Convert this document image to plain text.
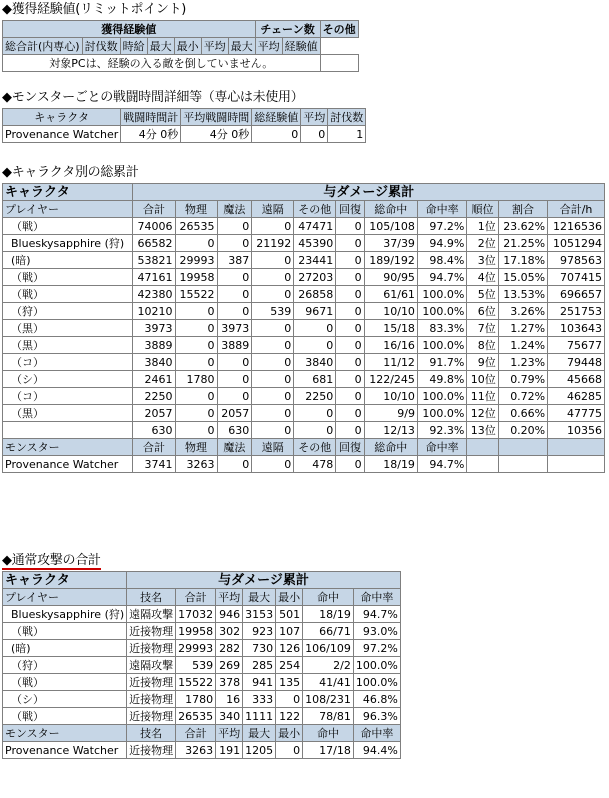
◆獲得経験値(リミットポイント)
獲得経験値							チェーン数		その他
総合計(内専心)	討伐数	時給	最大	最小	平均	最大	平均	経験値	
対象PCは、経験の入る敵を倒していません。									
◆モンスターごとの戦闘時間詳細等（専心は未使用）
キャラクタ	戦闘時間計	平均戦闘時間	総経験値	平均	討伐数
Provenance Watcher	4分 0秒	4分 0秒	0	0	1
◆キャラクタ別の総累計
キャラクタ	与ダメージ累計										
プレイヤー	合計	物理	魔法	遠隔	その他	回復	総命中	命中率	順位	割合	合計/h
（戦）	74006	26535	0	0	47471	0	105/108	97.2%	1位	23.62%	1216536
Blueskysapphire (狩)	66582	0	0	21192	45390	0	37/39	94.9%	2位	21.25%	1051294
(暗)	53821	29993	387	0	23441	0	189/192	98.4%	3位	17.18%	978563
（戦）	47161	19958	0	0	27203	0	90/95	94.7%	4位	15.05%	707415
（戦）	42380	15522	0	0	26858	0	61/61	100.0%	5位	13.53%	696657
（狩）	10210	0	0	539	9671	0	10/10	100.0%	6位	3.26%	251753
（黒）	3973	0	3973	0	0	0	15/18	83.3%	7位	1.27%	103643
（黒）	3889	0	3889	0	0	0	16/16	100.0%	8位	1.24%	75677
（コ）	3840	0	0	0	3840	0	11/12	91.7%	9位	1.23%	79448
（シ）	2461	1780	0	0	681	0	122/245	49.8%	10位	0.79%	45668
（コ）	2250	0	0	0	2250	0	10/10	100.0%	11位	0.72%	46285
（黒）	2057	0	2057	0	0	0	9/9	100.0%	12位	0.66%	47775
	630	0	630	0	0	0	12/13	92.3%	13位	0.20%	10356
モンスター	合計	物理	魔法	遠隔	その他	回復	総命中	命中率			
Provenance Watcher	3741	3263	0	0	478	0	18/19	94.7%			
◆通常攻撃の合計
キャラクタ	与ダメージ累計						
プレイヤー	技名	合計	平均	最大	最小	命中	命中率
Blueskysapphire (狩)	遠隔攻撃	17032	946	3153	501	18/19	94.7%
（戦）	近接物理	19958	302	923	107	66/71	93.0%
(暗)	近接物理	29993	282	730	126	106/109	97.2%
（狩）	遠隔攻撃	539	269	285	254	2/2	100.0%
（戦）	近接物理	15522	378	941	135	41/41	100.0%
（シ）	近接物理	1780	16	333	0	108/231	46.8%
（戦）	近接物理	26535	340	1111	122	78/81	96.3%
モンスター	技名	合計	平均	最大	最小	命中	命中率
Provenance Watcher	近接物理	3263	191	1205	0	17/18	94.4%
